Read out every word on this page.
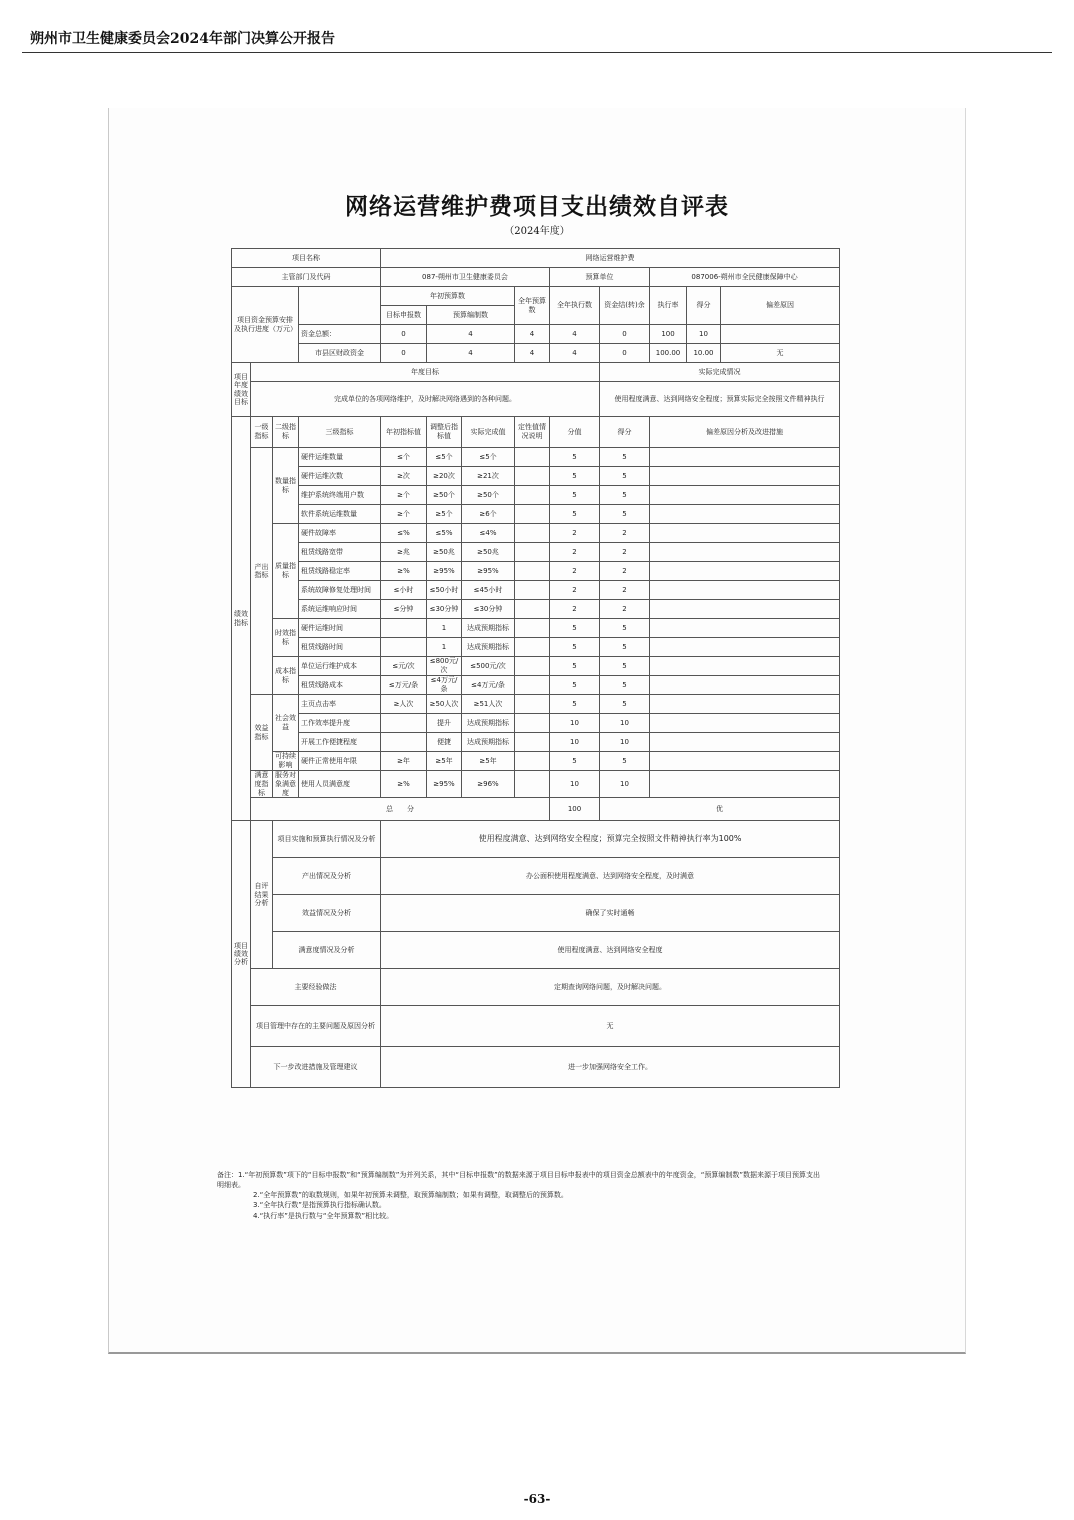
朔州市卫生健康委员会2024年部门决算公开报告
网络运营维护费项目支出绩效自评表
（2024年度）
项目名称				网络运营维护费								
主管部门及代码				087-朔州市卫生健康委员会				预算单位		087006-朔州市全民健康保障中心		
项目资金预算安排及执行进度（万元）				年初预算数			全年预算数	全年执行数	资金结(转)余	执行率	得分	偏差原因
				目标申报数	预算编制数							
			资金总额：	0	4		4	4	0	100	10	
			市县区财政资金	0	4		4	4	0	100.00	10.00	无
项目年度绩效目标	年度目标								实际完成情况			
	完成单位的各项网络维护，及时解决网络遇到的各种问题。								使用程度满意、达到网络安全程度；预算实际完全按照文件精神执行			
绩效指标	一级指标	二级指标	三级指标	年初指标值	调整后指标值	实际完成值	定性值情况说明	分值	得分	偏差原因分析及改进措施		
	产出指标	数量指标	硬件运维数量	≤个	≤5个	≤5个		5	5			
			硬件运维次数	≥次	≥20次	≥21次		5	5			
			维护系统终端用户数	≥个	≥50个	≥50个		5	5			
			软件系统运维数量	≥个	≥5个	≥6个		5	5			
		质量指标	硬件故障率	≤%	≤5%	≤4%		2	2			
			租赁线路宽带	≥兆	≥50兆	≥50兆		2	2			
			租赁线路稳定率	≥%	≥95%	≥95%		2	2			
			系统故障修复处理时间	≤小时	≤50小时	≤45小时		2	2			
			系统运维响应时间	≤分钟	≤30分钟	≤30分钟		2	2			
		时效指标	硬件运维时间		1	达成预期指标		5	5			
			租赁线路时间		1	达成预期指标		5	5			
		成本指标	单位运行维护成本	≤元/次	≤800元/次	≤500元/次		5	5			
			租赁线路成本	≤万元/条	≤4万元/条	≤4万元/条		5	5			
	效益指标	社会效益	主页点击率	≥人次	≥50人次	≥51人次		5	5			
			工作效率提升度		提升	达成预期指标		10	10			
			开展工作便捷程度		便捷	达成预期指标		10	10			
		可持续影响	硬件正常使用年限	≥年	≥5年	≥5年		5	5			
	满意度指标	服务对象满意度	使用人员满意度	≥%	≥95%	≥96%		10	10			
	总　　分							100	优			
项目绩效分析	自评结果分析	项目实施和预算执行情况及分析		使用程度满意、达到网络安全程度；预算完全按照文件精神执行率为100%								
		产出情况及分析		办公面积使用程度满意、达到网络安全程度，及时满意								
		效益情况及分析		确保了实时通畅								
		满意度情况及分析		使用程度满意、达到网络安全程度								
	主要经验做法			定期查询网络问题，及时解决问题。								
	项目管理中存在的主要问题及原因分析			无								
	下一步改进措施及管理建议			进一步加强网络安全工作。								
备注：1.“年初预算数”项下的“目标申报数”和“预算编制数”为并列关系，其中“目标申报数”的数据来源于项目目标申报表中的项目资金总额表中的年度资金，“预算编制数”数据来源于项目预算支出明细表。
2.“全年预算数”的取数规则，如果年初预算未调整，取预算编制数；如果有调整，取调整后的预算数。
3.“全年执行数”是指预算执行指标确认数。
4.“执行率”是执行数与“全年预算数”相比较。
-63-
